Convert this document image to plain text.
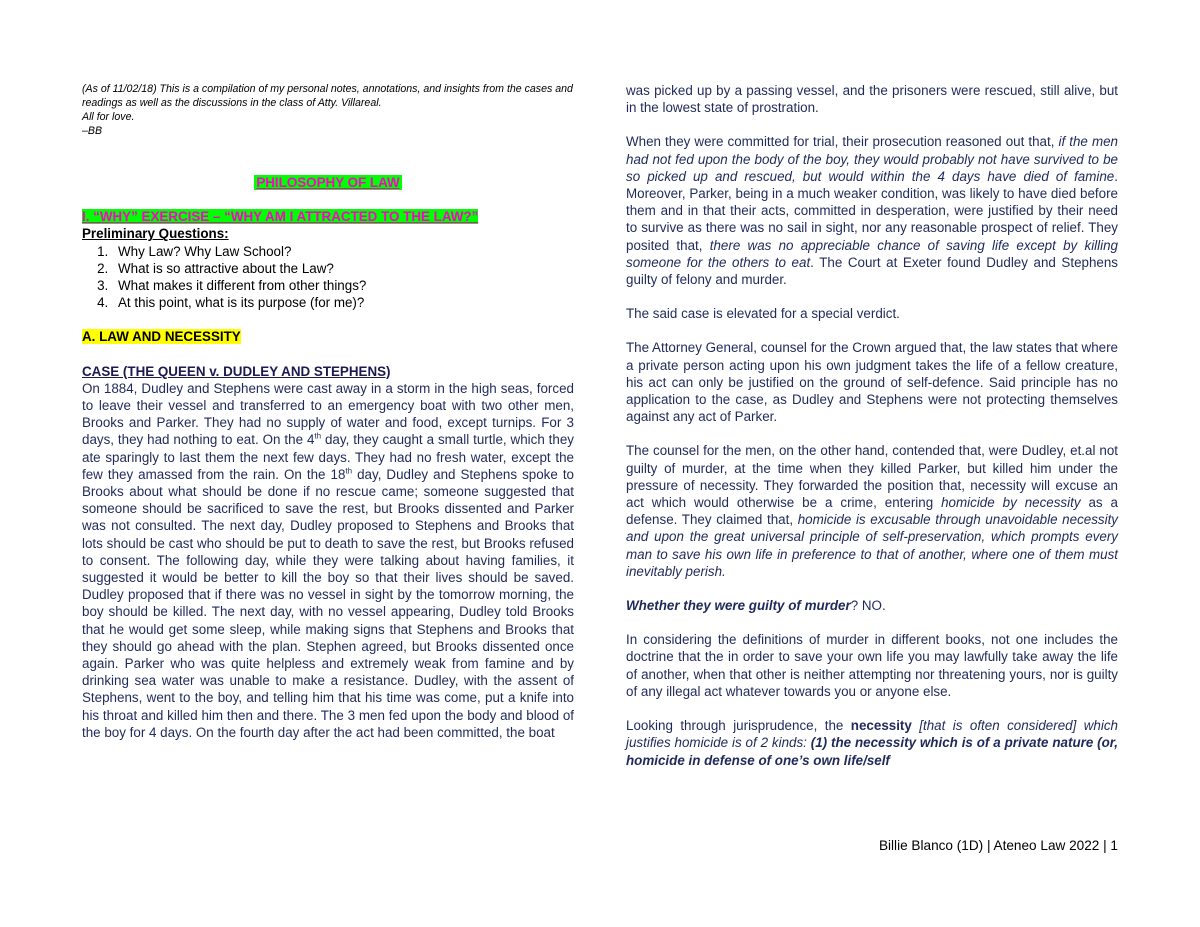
(As of 11/02/18) This is a compilation of my personal notes, annotations, and insights from the cases and readings as well as the discussions in the class of Atty. Villareal.
All for love.
–BB

PHILOSOPHY OF LAW

I. “WHY” EXERCISE – “WHY AM I ATTRACTED TO THE LAW?”

Preliminary Questions:

1. Why Law? Why Law School?
2. What is so attractive about the Law?
3. What makes it different from other things?
4. At this point, what is its purpose (for me)?

A. LAW AND NECESSITY

CASE (THE QUEEN v. DUDLEY AND STEPHENS)

On 1884, Dudley and Stephens were cast away in a storm in the high seas, forced to leave their vessel and transferred to an emergency boat with two other men, Brooks and Parker. They had no supply of water and food, except turnips. For 3 days, they had nothing to eat. On the 4th day, they caught a small turtle, which they ate sparingly to last them the next few days. They had no fresh water, except the few they amassed from the rain. On the 18th day, Dudley and Stephens spoke to Brooks about what should be done if no rescue came; someone suggested that someone should be sacrificed to save the rest, but Brooks dissented and Parker was not consulted. The next day, Dudley proposed to Stephens and Brooks that lots should be cast who should be put to death to save the rest, but Brooks refused to consent. The following day, while they were talking about having families, it suggested it would be better to kill the boy so that their lives should be saved. Dudley proposed that if there was no vessel in sight by the tomorrow morning, the boy should be killed. The next day, with no vessel appearing, Dudley told Brooks that he would get some sleep, while making signs that Stephens and Brooks that they should go ahead with the plan. Stephen agreed, but Brooks dissented once again. Parker who was quite helpless and extremely weak from famine and by drinking sea water was unable to make a resistance. Dudley, with the assent of Stephens, went to the boy, and telling him that his time was come, put a knife into his throat and killed him then and there. The 3 men fed upon the body and blood of the boy for 4 days. On the fourth day after the act had been committed, the boat

was picked up by a passing vessel, and the prisoners were rescued, still alive, but in the lowest state of prostration.

When they were committed for trial, their prosecution reasoned out that, if the men had not fed upon the body of the boy, they would probably not have survived to be so picked up and rescued, but would within the 4 days have died of famine. Moreover, Parker, being in a much weaker condition, was likely to have died before them and in that their acts, committed in desperation, were justified by their need to survive as there was no sail in sight, nor any reasonable prospect of relief. They posited that, there was no appreciable chance of saving life except by killing someone for the others to eat. The Court at Exeter found Dudley and Stephens guilty of felony and murder.

The said case is elevated for a special verdict.

The Attorney General, counsel for the Crown argued that, the law states that where a private person acting upon his own judgment takes the life of a fellow creature, his act can only be justified on the ground of self-defence. Said principle has no application to the case, as Dudley and Stephens were not protecting themselves against any act of Parker.

The counsel for the men, on the other hand, contended that, were Dudley, et.al not guilty of murder, at the time when they killed Parker, but killed him under the pressure of necessity. They forwarded the position that, necessity will excuse an act which would otherwise be a crime, entering homicide by necessity as a defense. They claimed that, homicide is excusable through unavoidable necessity and upon the great universal principle of self-preservation, which prompts every man to save his own life in preference to that of another, where one of them must inevitably perish.

Whether they were guilty of murder? NO.

In considering the definitions of murder in different books, not one includes the doctrine that the in order to save your own life you may lawfully take away the life of another, when that other is neither attempting nor threatening yours, nor is guilty of any illegal act whatever towards you or anyone else.

Looking through jurisprudence, the necessity [that is often considered] which justifies homicide is of 2 kinds: (1) the necessity which is of a private nature (or, homicide in defense of one’s own life/self

Billie Blanco (1D) | Ateneo Law 2022 | 1
